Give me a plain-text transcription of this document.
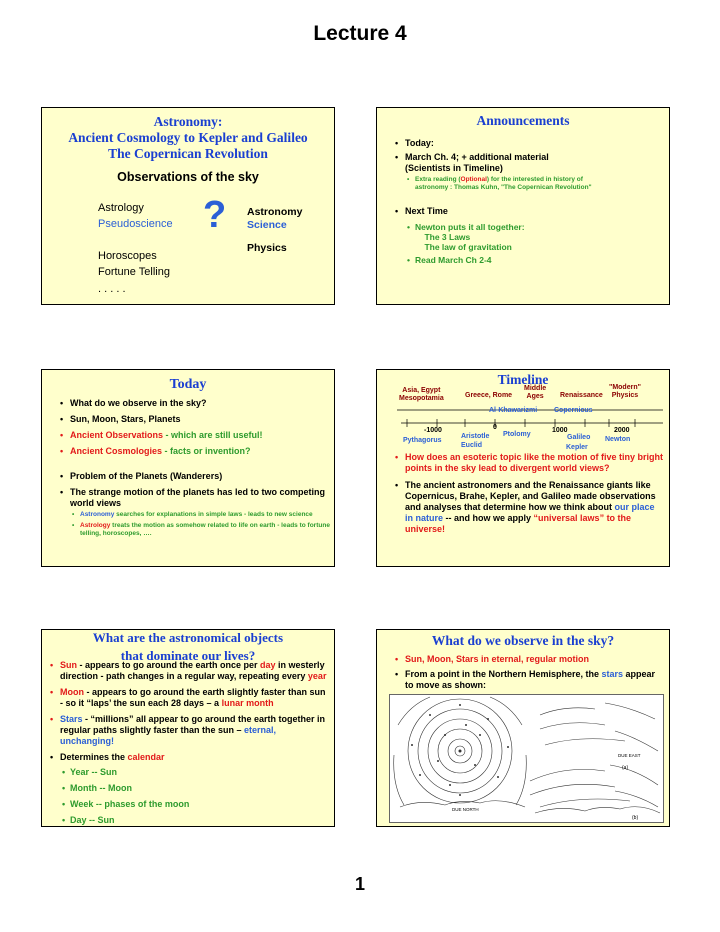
Lecture 4
Astronomy:
Ancient Cosmology to Kepler and Galileo
The Copernican Revolution
Observations of the sky
Astrology
Pseudoscience
Horoscopes
Fortune Telling
. . . . .
? Astronomy
Science
Physics
Announcements
• Today:
• March Ch. 4; + additional material
(Scientists in Timeline)
• Extra reading (Optional) for the interested in history of
astronomy : Thomas Kuhn, "The Copernican Revolution"
• Next Time
• Newton puts it all together:
The 3 Laws
The law of gravitation
• Read March Ch 2-4
Today
• What do we observe in the sky?
• Sun, Moon, Stars, Planets
• Ancient Observations - which are still useful!
• Ancient Cosmologies - facts or invention?
• Problem of the Planets (Wanderers)
• The strange motion of the planets has led to two competing world views
• Astronomy searches for explanations in simple laws - leads to new science
• Astrology treats the motion as somehow related to life on earth - leads to fortune telling, horoscopes, ….
Timeline
Asia, Egypt
Mesopotamia	Greece, Rome
Middle
Ages	Renaissance
"Modern"
Physics
Al-Khawarizmi Copernicus
-1000	0	1000	2000
Pythagorus
Aristotle
Euclid
Ptolomy	Galileo
Kepler
Newton
• How does an esoteric topic like the motion of five tiny bright points in the sky lead to divergent world views?
• The ancient astronomers and the Renaissance giants like Copernicus, Brahe, Kepler, and Galileo made observations and analyses that determine how we think about our place in nature -- and how we apply “universal laws” to the universe!
What are the astronomical objects
that dominate our lives?
• Sun - appears to go around the earth once per day in westerly direction - path changes in a regular way, repeating every year
• Moon - appears to go around the earth slightly faster than sun - so it “laps’ the sun each 28 days – a lunar month
• Stars - “millions” all appear to go around the earth together in regular paths slightly faster than the sun – eternal, unchanging!
• Determines the calendar
• Year -- Sun
• Month -- Moon
• Week -- phases of the moon
• Day -- Sun
What do we observe in the sky?
• Sun, Moon, Stars in eternal, regular motion
• From a point in the Northern Hemisphere, the stars appear to move as shown:
DUE NORTH
(a)
DUE EAST
(b)
1
